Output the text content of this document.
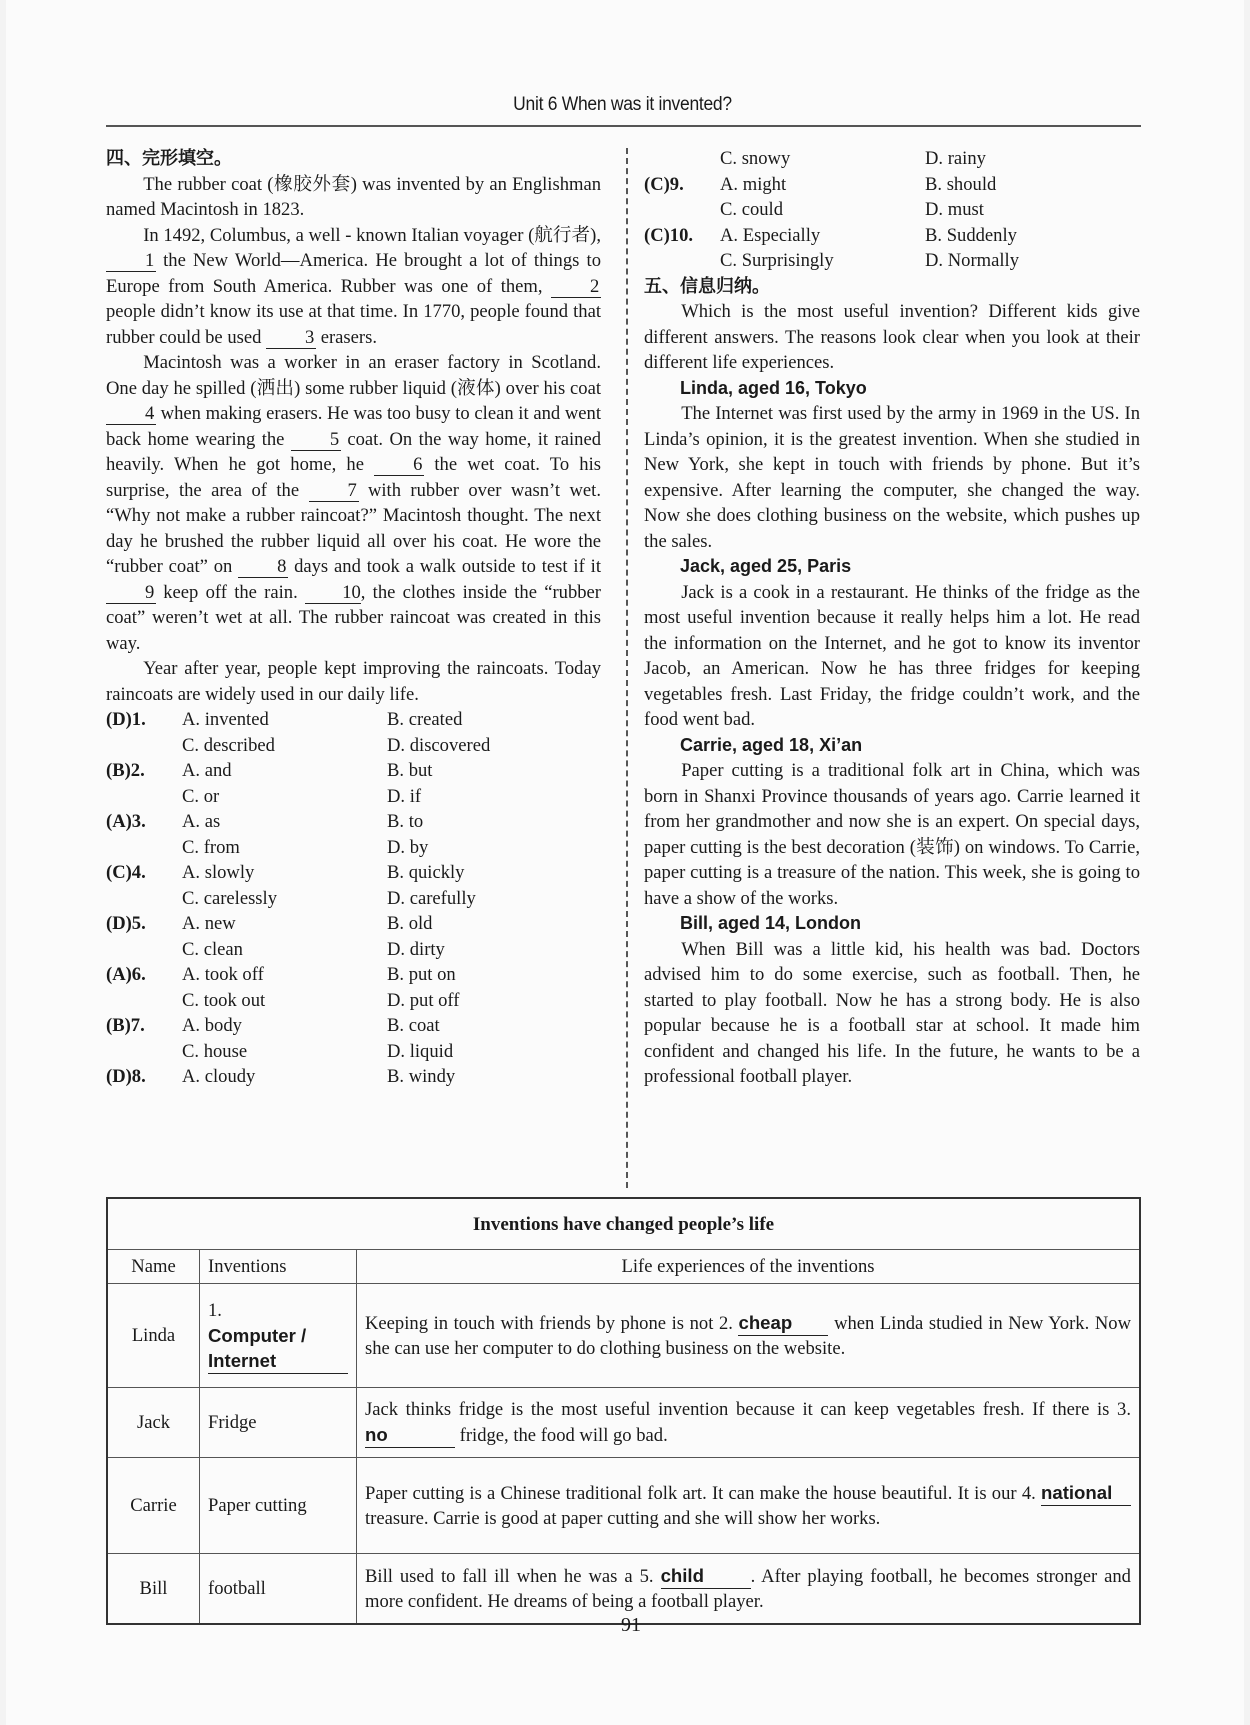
Unit 6 When was it invented?
四、完形填空。

The rubber coat (橡胶外套) was invented by an Englishman named Macintosh in 1823.

In 1492, Columbus, a well - known Italian voyager (航行者), 1 the New World—America. He brought a lot of things to Europe from South America. Rubber was one of them, 2 people didn’t know its use at that time. In 1770, people found that rubber could be used 3 erasers.

Macintosh was a worker in an eraser factory in Scotland. One day he spilled (洒出) some rubber liquid (液体) over his coat 4 when making erasers. He was too busy to clean it and went back home wearing the 5 coat. On the way home, it rained heavily. When he got home, he 6 the wet coat. To his surprise, the area of the 7 with rubber over wasn’t wet. “Why not make a rubber raincoat?” Macintosh thought. The next day he brushed the rubber liquid all over his coat. He wore the “rubber coat” on 8 days and took a walk outside to test if it 9 keep off the rain. 10, the clothes inside the “rubber coat” weren’t wet at all. The rubber raincoat was created in this way.

Year after year, people kept improving the raincoats. Today raincoats are widely used in our daily life.

(D)1.	A. invented	B. created
C. described	D. discovered
(B)2.	A. and	B. but
C. or	D. if
(A)3.	A. as	B. to
C. from	D. by
(C)4.	A. slowly	B. quickly
C. carelessly	D. carefully
(D)5.	A. new	B. old
C. clean	D. dirty
(A)6.	A. took off	B. put on
C. took out	D. put off
(B)7.	A. body	B. coat
C. house	D. liquid
(D)8.	A. cloudy	B. windy
C. snowy	D. rainy
(C)9.	A. might	B. should
C. could	D. must
(C)10.	A. Especially	B. Suddenly
C. Surprisingly	D. Normally
五、信息归纳。

Which is the most useful invention? Different kids give different answers. The reasons look clear when you look at their different life experiences.

Linda, aged 16, Tokyo

The Internet was first used by the army in 1969 in the US. In Linda’s opinion, it is the greatest invention. When she studied in New York, she kept in touch with friends by phone. But it’s expensive. After learning the computer, she changed the way. Now she does clothing business on the website, which pushes up the sales.

Jack, aged 25, Paris

Jack is a cook in a restaurant. He thinks of the fridge as the most useful invention because it really helps him a lot. He read the information on the Internet, and he got to know its inventor Jacob, an American. Now he has three fridges for keeping vegetables fresh. Last Friday, the fridge couldn’t work, and the food went bad.

Carrie, aged 18, Xi’an

Paper cutting is a traditional folk art in China, which was born in Shanxi Province thousands of years ago. Carrie learned it from her grandmother and now she is an expert. On special days, paper cutting is the best decoration (装饰) on windows. To Carrie, paper cutting is a treasure of the nation. This week, she is going to have a show of the works.

Bill, aged 14, London

When Bill was a little kid, his health was bad. Doctors advised him to do some exercise, such as football. Then, he started to play football. Now he has a strong body. He is also popular because he is a football star at school. It made him confident and changed his life. In the future, he wants to be a professional football player.

Inventions have changed people’s life		
Name	Inventions	Life experiences of the inventions
Linda	1. Computer / Internet	Keeping in touch with friends by phone is not 2. cheap when Linda studied in New York. Now she can use her computer to do clothing business on the website.
Jack	Fridge	Jack thinks fridge is the most useful invention because it can keep vegetables fresh. If there is 3. no fridge, the food will go bad.
Carrie	Paper cutting	Paper cutting is a Chinese traditional folk art. It can make the house beautiful. It is our 4. national treasure. Carrie is good at paper cutting and she will show her works.
Bill	football	Bill used to fall ill when he was a 5. child . After playing football, he becomes stronger and more confident. He dreams of being a football player.
91
